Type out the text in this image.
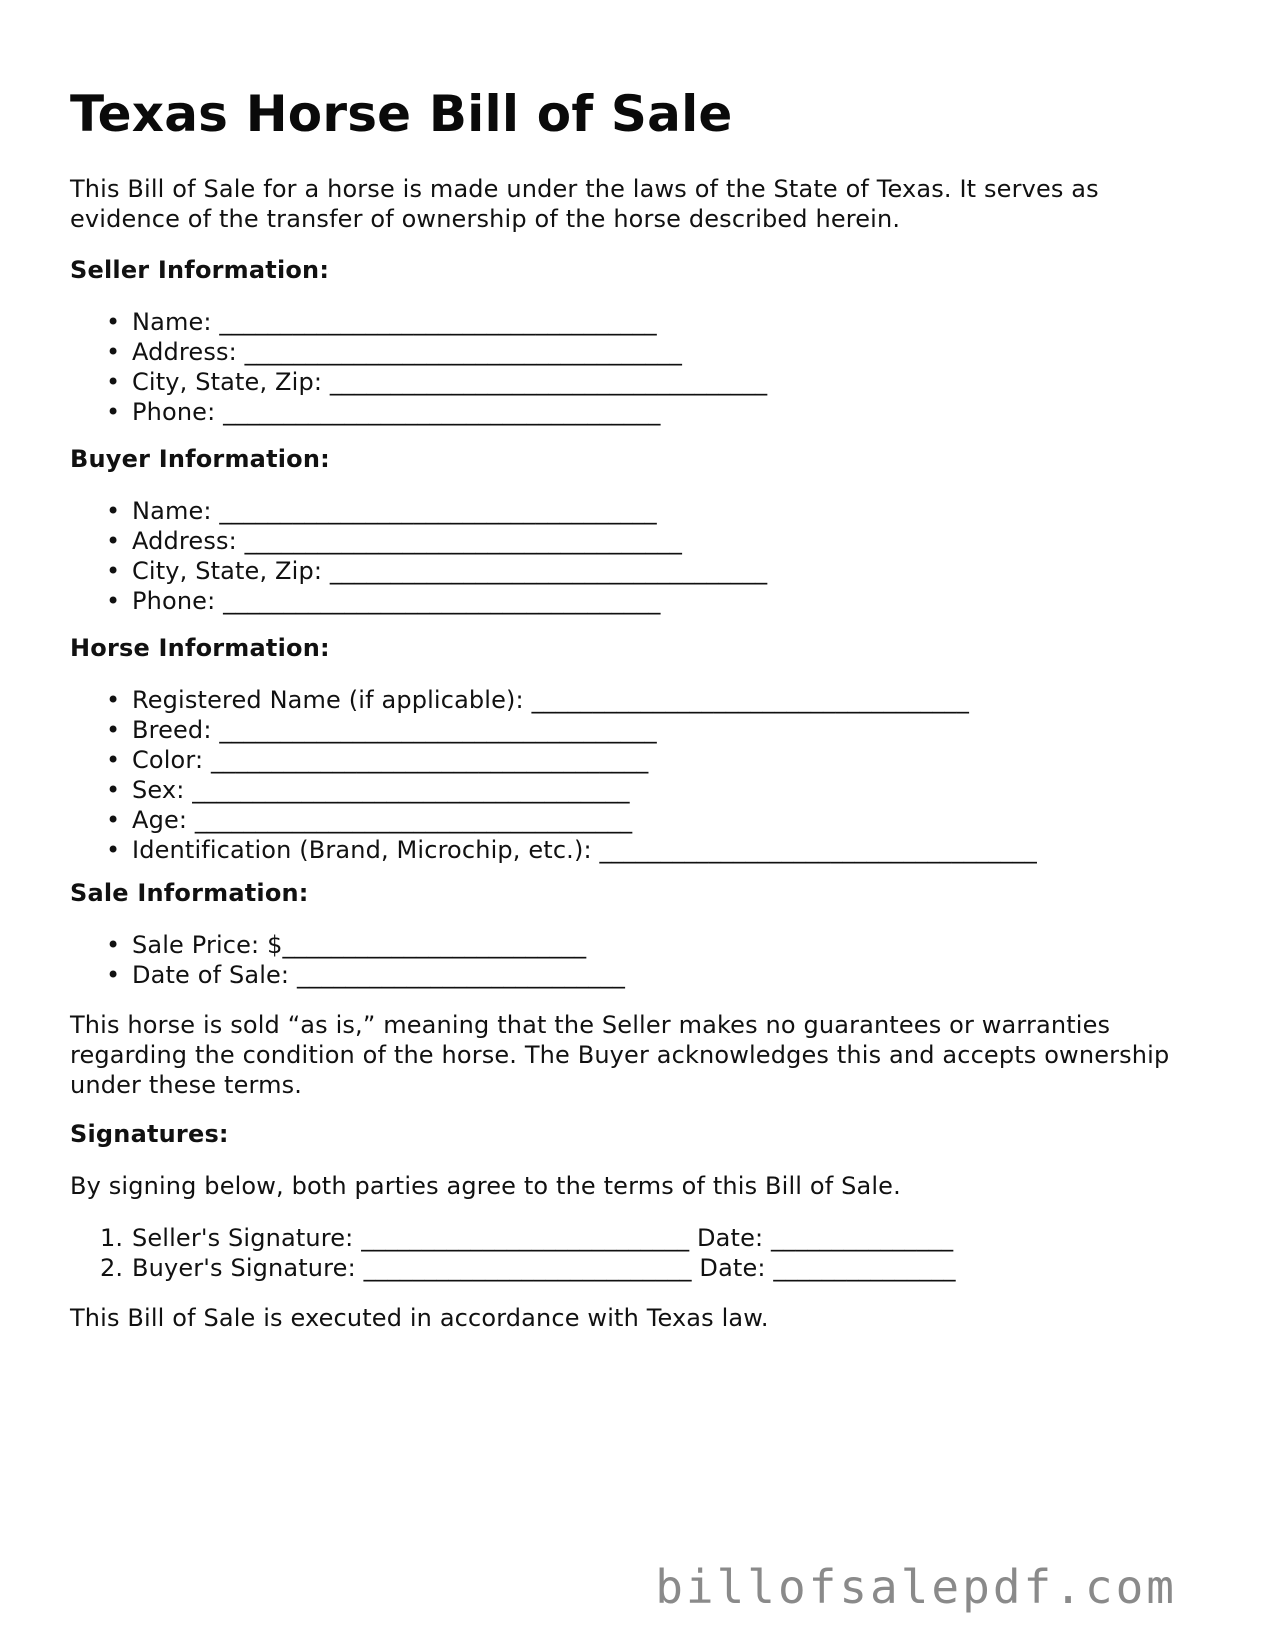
Texas Horse Bill of Sale

This Bill of Sale for a horse is made under the laws of the State of Texas. It serves as evidence of the transfer of ownership of the horse described herein.

Seller Information:

• Name: ____________________________________
• Address: ____________________________________
• City, State, Zip: ____________________________________
• Phone: ____________________________________

Buyer Information:

• Name: ____________________________________
• Address: ____________________________________
• City, State, Zip: ____________________________________
• Phone: ____________________________________

Horse Information:

• Registered Name (if applicable): ____________________________________
• Breed: ____________________________________
• Color: ____________________________________
• Sex: ____________________________________
• Age: ____________________________________
• Identification (Brand, Microchip, etc.): ____________________________________

Sale Information:

• Sale Price: $_________________________
• Date of Sale: ___________________________

This horse is sold “as is,” meaning that the Seller makes no guarantees or warranties regarding the condition of the horse. The Buyer acknowledges this and accepts ownership under these terms.

Signatures:

By signing below, both parties agree to the terms of this Bill of Sale.

1. Seller's Signature: ___________________________ Date: _______________
2. Buyer's Signature: ___________________________ Date: _______________

This Bill of Sale is executed in accordance with Texas law.

billofsalepdf.com
